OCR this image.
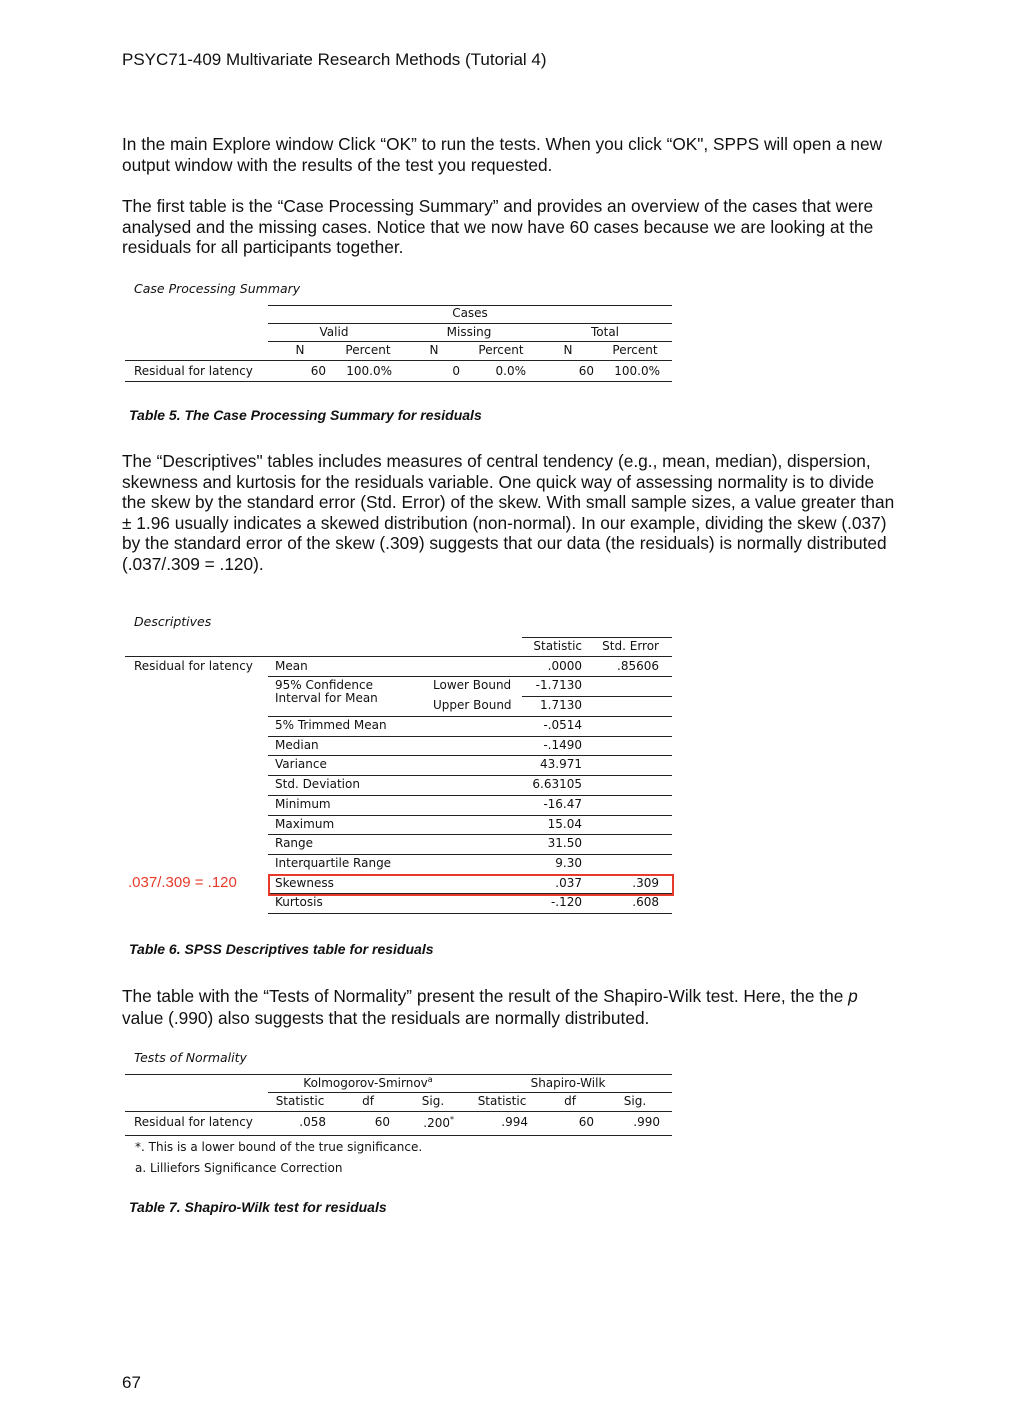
PSYC71-409 Multivariate Research Methods (Tutorial 4)

In the main Explore window Click “OK” to run the tests. When you click “OK", SPPS will open a new output window with the results of the test you requested.

The first table is the “Case Processing Summary” and provides an overview of the cases that were analysed and the missing cases. Notice that we now have 60 cases because we are looking at the residuals for all participants together.

Case Processing Summary
Cases
Valid	Missing	Total
N	Percent	N	Percent	N	Percent
Residual for latency	60	100.0%	0	0.0%	60	100.0%
Table 5. The Case Processing Summary for residuals

The “Descriptives" tables includes measures of central tendency (e.g., mean, median), dispersion, skewness and kurtosis for the residuals variable. One quick way of assessing normality is to divide the skew by the standard error (Std. Error) of the skew. With small sample sizes, a value greater than ± 1.96 usually indicates a skewed distribution (non-normal). In our example, dividing the skew (.037) by the standard error of the skew (.309) suggests that our data (the residuals) is normally distributed (.037/.309 = .120).

Descriptives
Statistic	Std. Error
Residual for latency Mean	.0000	.85606
95% Confidence
Interval for Mean
Lower Bound	-1.7130
Upper Bound	1.7130
5% Trimmed Mean	-.0514
Median	-.1490
Variance	43.971
Std. Deviation	6.63105
Minimum	-16.47
Maximum	15.04
Range	31.50
Interquartile Range	9.30
Skewness	.037	.309
Kurtosis	-.120	.608
.037/.309 = .120
Table 6. SPSS Descriptives table for residuals

The table with the “Tests of Normality” present the result of the Shapiro-Wilk test. Here, the the p value (.990) also suggests that the residuals are normally distributed.

Tests of Normality
Kolmogorov-Smirnov$^a$	Shapiro-Wilk
Statistic	df	Sig.	Statistic	df	Sig.
Residual for latency	.058	60	.200*	.994	60	.990
*. This is a lower bound of the true significance.
a. Lilliefors Significance Correction
Table 7. Shapiro-Wilk test for residuals
67
